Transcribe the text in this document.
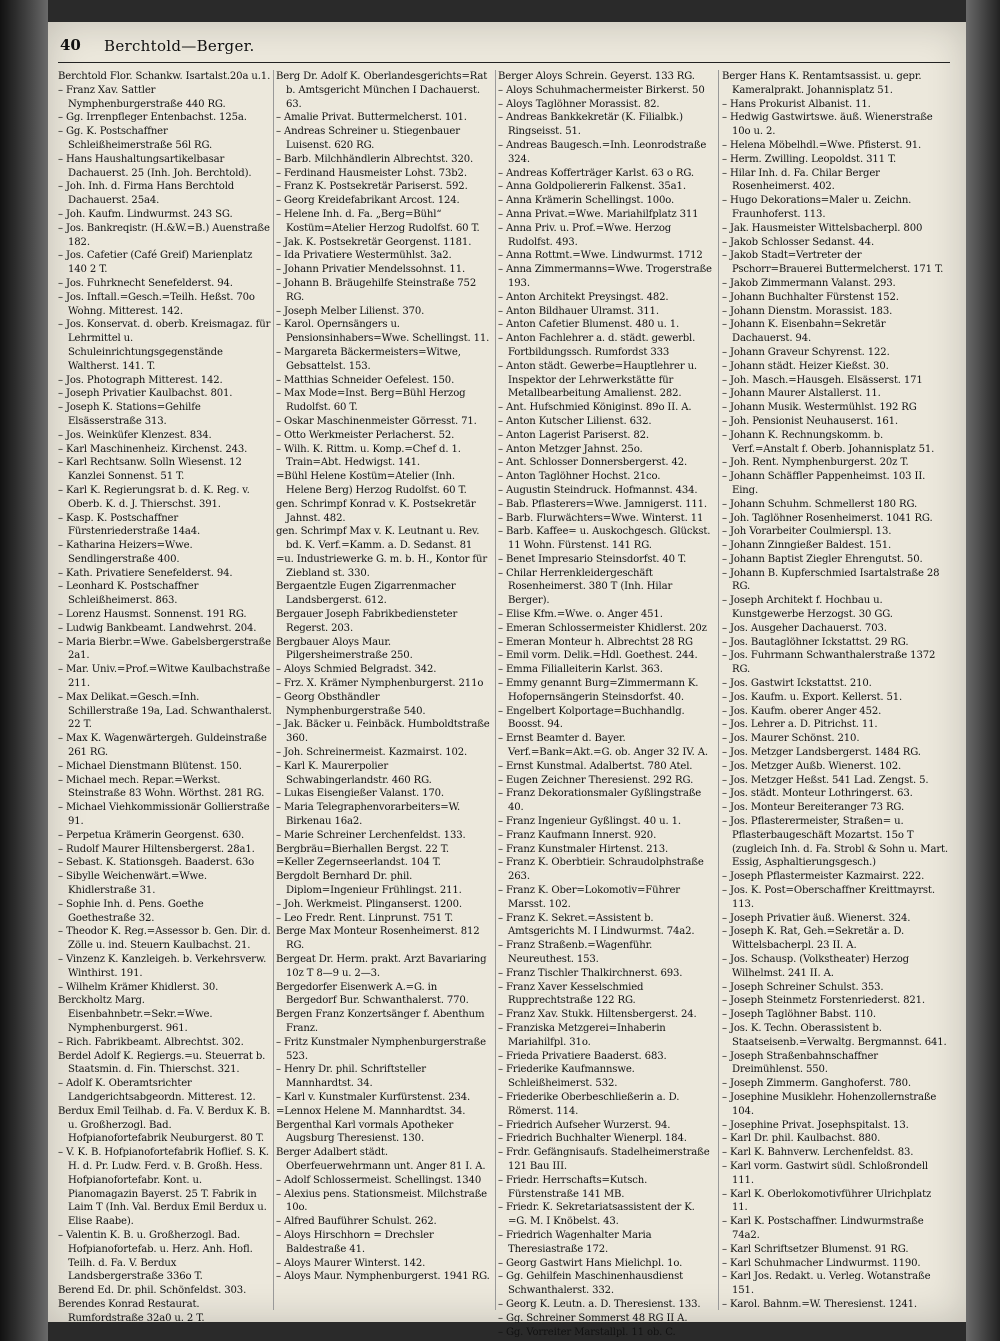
40 Berchtold—Berger.
Berchtold Flor. Schankw. Isartalst.20a u.1.
– Franz Xav. Sattler Nymphenburgerstraße 440 RG.
– Gg. Irrenpfleger Entenbachst. 125a.
– Gg. K. Postschaffner Schleißheimerstraße 56l RG.
– Hans Haushaltungsartikelbasar Dachauerst. 25 (Inh. Joh. Berchtold).
– Joh. Inh. d. Firma Hans Berchtold Dachauerst. 25a4.
– Joh. Kaufm. Lindwurmst. 243 SG.
– Jos. Bankreqistr. (H.&W.=B.) Auenstraße 182.
– Jos. Cafetier (Café Greif) Marienplatz 140 2 T.
– Jos. Fuhrknecht Senefelderst. 94.
– Jos. Inftall.=Gesch.=Teilh. Heßst. 70o Wohng. Mitterest. 142.
– Jos. Konservat. d. oberb. Kreismagaz. für Lehrmittel u. Schuleinrichtungsgegenstände Waltherst. 141. T.
– Jos. Photograph Mitterest. 142.
– Joseph Privatier Kaulbachst. 801.
– Joseph K. Stations=Gehilfe Elsässerstraße 313.
– Jos. Weinküfer Klenzest. 834.
– Karl Maschinenheiz. Kirchenst. 243.
– Karl Rechtsanw. Solln Wiesenst. 12 Kanzlei Sonnenst. 51 T.
– Karl K. Regierungsrat b. d. K. Reg. v. Oberb. K. d. J. Thierschst. 391.
– Kasp. K. Postschaffner Fürstenriederstraße 14a4.
– Katharina Heizers=Wwe. Sendlingerstraße 400.
– Kath. Privatiere Senefelderst. 94.
– Leonhard K. Postschaffner Schleißheimerst. 863.
– Lorenz Hausmst. Sonnenst. 191 RG.
– Ludwig Bankbeamt. Landwehrst. 204.
– Maria Bierbr.=Wwe. Gabelsbergerstraße 2a1.
– Mar. Univ.=Prof.=Witwe Kaulbachstraße 211.
– Max Delikat.=Gesch.=Inh. Schillerstraße 19a, Lad. Schwanthalerst. 22 T.
– Max K. Wagenwärtergeh. Guldeinstraße 261 RG.
– Michael Dienstmann Blütenst. 150.
– Michael mech. Repar.=Werkst. Steinstraße 83 Wohn. Wörthst. 281 RG.
– Michael Viehkommissionär Gollierstraße 91.
– Perpetua Krämerin Georgenst. 630.
– Rudolf Maurer Hiltensbergerst. 28a1.
– Sebast. K. Stationsgeh. Baaderst. 63o
– Sibylle Weichenwärt.=Wwe. Khidlerstraße 31.
– Sophie Inh. d. Pens. Goethe Goethestraße 32.
– Theodor K. Reg.=Assessor b. Gen. Dir. d. Zölle u. ind. Steuern Kaulbachst. 21.
– Vinzenz K. Kanzleigeh. b. Verkehrsverw. Winthirst. 191.
– Wilhelm Krämer Khidlerst. 30.
Berckholtz Marg. Eisenbahnbetr.=Sekr.=Wwe. Nymphenburgerst. 961.
– Rich. Fabrikbeamt. Albrechtst. 302.
Berdel Adolf K. Regiergs.=u. Steuerrat b. Staatsmin. d. Fin. Thierschst. 321.
– Adolf K. Oberamtsrichter Landgerichtsabgeordn. Mitterest. 12.
Berdux Emil Teilhab. d. Fa. V. Berdux K. B. u. Großherzogl. Bad. Hofpianofortefabrik Neuburgerst. 80 T.
– V. K. B. Hofpianofortefabrik Hoflief. S. K. H. d. Pr. Ludw. Ferd. v. B. Großh. Hess. Hofpianofortefabr. Kont. u. Pianomagazin Bayerst. 25 T. Fabrik in Laim T (Inh. Val. Berdux Emil Berdux u. Elise Raabe).
– Valentin K. B. u. Großherzogl. Bad. Hofpianofortefab. u. Herz. Anh. Hofl. Teilh. d. Fa. V. Berdux Landsbergerstraße 336o T.
Berend Ed. Dr. phil. Schönfeldst. 303.
Berendes Konrad Restaurat. Rumfordstraße 32a0 u. 2 T.
Berg Dr. Adolf K. Oberlandesgerichts=Rat b. Amtsgericht München I Dachauerst. 63.
– Amalie Privat. Buttermelcherst. 101.
– Andreas Schreiner u. Stiegenbauer Luisenst. 620 RG.
– Barb. Milchhändlerin Albrechtst. 320.
– Ferdinand Hausmeister Lohst. 73b2.
– Franz K. Postsekretär Pariserst. 592.
– Georg Kreidefabrikant Arcost. 124.
– Helene Inh. d. Fa. „Berg=Bühl“ Kostüm=Atelier Herzog Rudolfst. 60 T.
– Jak. K. Postsekretär Georgenst. 1181.
– Ida Privatiere Westermühlst. 3a2.
– Johann Privatier Mendelssohnst. 11.
– Johann B. Bräugehilfe Steinstraße 752 RG.
– Joseph Melber Lilienst. 370.
– Karol. Opernsängers u. Pensionsinhabers=Wwe. Schellingst. 11.
– Margareta Bäckermeisters=Witwe, Gebsattelst. 153.
– Matthias Schneider Oefelest. 150.
– Max Mode=Inst. Berg=Bühl Herzog Rudolfst. 60 T.
– Oskar Maschinenmeister Görresst. 71.
– Otto Werkmeister Perlacherst. 52.
– Wilh. K. Rittm. u. Komp.=Chef d. 1. Train=Abt. Hedwigst. 141.
=Bühl Helene Kostüm=Atelier (Inh. Helene Berg) Herzog Rudolfst. 60 T.
gen. Schrimpf Konrad v. K. Postsekretär Jahnst. 482.
gen. Schrimpf Max v. K. Leutnant u. Rev. bd. K. Verf.=Kamm. a. D. Sedanst. 81
=u. Industriewerke G. m. b. H., Kontor für Ziebland st. 330.
Bergaentzle Eugen Zigarrenmacher Landsbergerst. 612.
Bergauer Joseph Fabrikbediensteter Regerst. 203.
Bergbauer Aloys Maur. Pilgersheimerstraße 250.
– Aloys Schmied Belgradst. 342.
– Frz. X. Krämer Nymphenburgerst. 211o
– Georg Obsthändler Nymphenburgerstraße 540.
– Jak. Bäcker u. Feinbäck. Humboldtstraße 360.
– Joh. Schreinermeist. Kazmairst. 102.
– Karl K. Maurerpolier Schwabingerlandstr. 460 RG.
– Lukas Eisengießer Valanst. 170.
– Maria Telegraphenvorarbeiters=W. Birkenau 16a2.
– Marie Schreiner Lerchenfeldst. 133.
Bergbräu=Bierhallen Bergst. 22 T.
=Keller Zegernseerlandst. 104 T.
Bergdolt Bernhard Dr. phil. Diplom=Ingenieur Frühlingst. 211.
– Joh. Werkmeist. Plinganserst. 1200.
– Leo Fredr. Rent. Linprunst. 751 T.
Berge Max Monteur Rosenheimerst. 812 RG.
Bergeat Dr. Herm. prakt. Arzt Bavariaring 10z T 8—9 u. 2—3.
Bergedorfer Eisenwerk A.=G. in Bergedorf Bur. Schwanthalerst. 770.
Bergen Franz Konzertsänger f. Abenthum Franz.
– Fritz Kunstmaler Nymphenburgerstraße 523.
– Henry Dr. phil. Schriftsteller Mannhardtst. 34.
– Karl v. Kunstmaler Kurfürstenst. 234.
=Lennox Helene M. Mannhardtst. 34.
Bergenthal Karl vormals Apotheker Augsburg Theresienst. 130.
Berger Adalbert städt. Oberfeuerwehrmann unt. Anger 81 I. A.
– Adolf Schlossermeist. Schellingst. 1340
– Alexius pens. Stationsmeist. Milchstraße 10o.
– Alfred Bauführer Schulst. 262.
– Aloys Hirschhorn = Drechsler Baldestraße 41.
– Aloys Maurer Winterst. 142.
– Aloys Maur. Nymphenburgerst. 1941 RG.
Berger Aloys Schrein. Geyerst. 133 RG.
– Aloys Schuhmachermeister Birkerst. 50
– Aloys Taglöhner Morassist. 82.
– Andreas Bankkekretär (K. Filialbk.) Ringseisst. 51.
– Andreas Baugesch.=Inh. Leonrodstraße 324.
– Andreas Kofferträger Karlst. 63 o RG.
– Anna Goldpoliererin Falkenst. 35a1.
– Anna Krämerin Schellingst. 100o.
– Anna Privat.=Wwe. Mariahilfplatz 311
– Anna Priv. u. Prof.=Wwe. Herzog Rudolfst. 493.
– Anna Rottmt.=Wwe. Lindwurmst. 1712
– Anna Zimmermanns=Wwe. Trogerstraße 193.
– Anton Architekt Preysingst. 482.
– Anton Bildhauer Ulramst. 311.
– Anton Cafetier Blumenst. 480 u. 1.
– Anton Fachlehrer a. d. städt. gewerbl. Fortbildungssch. Rumfordst 333
– Anton städt. Gewerbe=Hauptlehrer u. Inspektor der Lehrwerkstätte für Metallbearbeitung Amalienst. 282.
– Ant. Hufschmied Königinst. 89o II. A.
– Anton Kutscher Lilienst. 632.
– Anton Lagerist Pariserst. 82.
– Anton Metzger Jahnst. 25o.
– Ant. Schlosser Donnersbergerst. 42.
– Anton Taglöhner Hochst. 21co.
– Augustin Steindruck. Hofmannst. 434.
– Bab. Pflasterers=Wwe. Jamnigerst. 111.
– Barb. Flurwächters=Wwe. Winterst. 11
– Barb. Kaffee= u. Auskochgesch. Glückst. 11 Wohn. Fürstenst. 141 RG.
– Benet Impresario Steinsdorfst. 40 T.
– Chilar Herrenkleidergeschäft Rosenheimerst. 380 T (Inh. Hilar Berger).
– Elise Kfm.=Wwe. o. Anger 451.
– Emeran Schlossermeister Khidlerst. 20z
– Emeran Monteur h. Albrechtst 28 RG
– Emil vorm. Delik.=Hdl. Goethest. 244.
– Emma Filialleiterin Karlst. 363.
– Emmy genannt Burg=Zimmermann K. Hofopernsängerin Steinsdorfst. 40.
– Engelbert Kolportage=Buchhandlg. Boosst. 94.
– Ernst Beamter d. Bayer. Verf.=Bank=Akt.=G. ob. Anger 32 IV. A.
– Ernst Kunstmal. Adalbertst. 780 Atel.
– Eugen Zeichner Theresienst. 292 RG.
– Franz Dekorationsmaler Gyßlingstraße 40.
– Franz Ingenieur Gyßlingst. 40 u. 1.
– Franz Kaufmann Innerst. 920.
– Franz Kunstmaler Hirtenst. 213.
– Franz K. Oberbtieir. Schraudolphstraße 263.
– Franz K. Ober=Lokomotiv=Führer Marsst. 102.
– Franz K. Sekret.=Assistent b. Amtsgerichts M. I Lindwurmst. 74a2.
– Franz Straßenb.=Wagenführ. Neureuthest. 153.
– Franz Tischler Thalkirchnerst. 693.
– Franz Xaver Kesselschmied Rupprechtstraße 122 RG.
– Franz Xav. Stukk. Hiltensbergerst. 24.
– Franziska Metzgerei=Inhaberin Mariahilfpl. 31o.
– Frieda Privatiere Baaderst. 683.
– Friederike Kaufmannswe. Schleißheimerst. 532.
– Friederike Oberbeschließerin a. D. Römerst. 114.
– Friedrich Aufseher Wurzerst. 94.
– Friedrich Buchhalter Wienerpl. 184.
– Frdr. Gefängnisaufs. Stadelheimerstraße 121 Bau III.
– Friedr. Herrschafts=Kutsch. Fürstenstraße 141 MB.
– Friedr. K. Sekretariatsassistent der K. =G. M. I Knöbelst. 43.
– Friedrich Wagenhalter Maria Theresiastraße 172.
– Georg Gastwirt Hans Mielichpl. 1o.
– Gg. Gehilfein Maschinenhausdienst Schwanthalerst. 332.
– Georg K. Leutn. a. D. Theresienst. 133.
– Gg. Schreiner Sommerst 48 RG II A.
– Gg. Vorreiter Marstallpl. 11 ob. C.
Berger Hans K. Rentamtsassist. u. gepr. Kameralprakt. Johannisplatz 51.
– Hans Prokurist Albanist. 11.
– Hedwig Gastwirtswe. äuß. Wienerstraße 10o u. 2.
– Helena Möbelhdl.=Wwe. Pfisterst. 91.
– Herm. Zwilling. Leopoldst. 311 T.
– Hilar Inh. d. Fa. Chilar Berger Rosenheimerst. 402.
– Hugo Dekorations=Maler u. Zeichn. Fraunhoferst. 113.
– Jak. Hausmeister Wittelsbacherpl. 800
– Jakob Schlosser Sedanst. 44.
– Jakob Stadt=Vertreter der Pschorr=Brauerei Buttermelcherst. 171 T.
– Jakob Zimmermann Valanst. 293.
– Johann Buchhalter Fürstenst 152.
– Johann Dienstm. Morassist. 183.
– Johann K. Eisenbahn=Sekretär Dachauerst. 94.
– Johann Graveur Schyrenst. 122.
– Johann städt. Heizer Kießst. 30.
– Joh. Masch.=Hausgeh. Elsässerst. 171
– Johann Maurer Alstallerst. 11.
– Johann Musik. Westermühlst. 192 RG
– Joh. Pensionist Neuhauserst. 161.
– Johann K. Rechnungskomm. b. Verf.=Anstalt f. Oberb. Johannisplatz 51.
– Joh. Rent. Nymphenburgerst. 20z T.
– Johann Schäffler Pappenheimst. 103 II. Eing.
– Johann Schuhm. Schmellerst 180 RG.
– Joh. Taglöhner Rosenheimerst. 1041 RG.
– Joh Vorarbeiter Coulmierspl. 13.
– Johann Zinngießer Baldest. 151.
– Johann Baptist Ziegler Ehrengutst. 50.
– Johann B. Kupferschmied Isartalstraße 28 RG.
– Joseph Architekt f. Hochbau u. Kunstgewerbe Herzogst. 30 GG.
– Jos. Ausgeher Dachauerst. 703.
– Jos. Bautaglöhner Ickstattst. 29 RG.
– Jos. Fuhrmann Schwanthalerstraße 1372 RG.
– Jos. Gastwirt Ickstattst. 210.
– Jos. Kaufm. u. Export. Kellerst. 51.
– Jos. Kaufm. oberer Anger 452.
– Jos. Lehrer a. D. Pitrichst. 11.
– Jos. Maurer Schönst. 210.
– Jos. Metzger Landsbergerst. 1484 RG.
– Jos. Metzger Außb. Wienerst. 102.
– Jos. Metzger Heßst. 541 Lad. Zengst. 5.
– Jos. städt. Monteur Lothringerst. 63.
– Jos. Monteur Bereiteranger 73 RG.
– Jos. Pflasterermeister, Straßen= u. Pflasterbaugeschäft Mozartst. 15o T (zugleich Inh. d. Fa. Strobl & Sohn u. Mart. Essig, Asphaltierungsgesch.)
– Joseph Pflastermeister Kazmairst. 222.
– Jos. K. Post=Oberschaffner Kreittmayrst. 113.
– Joseph Privatier äuß. Wienerst. 324.
– Joseph K. Rat, Geh.=Sekretär a. D. Wittelsbacherpl. 23 II. A.
– Jos. Schausp. (Volkstheater) Herzog Wilhelmst. 241 II. A.
– Joseph Schreiner Schulst. 353.
– Joseph Steinmetz Forstenriederst. 821.
– Joseph Taglöhner Babst. 110.
– Jos. K. Techn. Oberassistent b. Staatseisenb.=Verwaltg. Bergmannst. 641.
– Joseph Straßenbahnschaffner Dreimühlenst. 550.
– Joseph Zimmerm. Ganghoferst. 780.
– Josephine Musiklehr. Hohenzollernstraße 104.
– Josephine Privat. Josephspitalst. 13.
– Karl Dr. phil. Kaulbachst. 880.
– Karl K. Bahnverw. Lerchenfeldst. 83.
– Karl vorm. Gastwirt südl. Schloßrondell 111.
– Karl K. Oberlokomotivführer Ulrichplatz 11.
– Karl K. Postschaffner. Lindwurmstraße 74a2.
– Karl Schriftsetzer Blumenst. 91 RG.
– Karl Schuhmacher Lindwurmst. 1190.
– Karl Jos. Redakt. u. Verleg. Wotanstraße 151.
– Karol. Bahnm.=W. Theresienst. 1241.
